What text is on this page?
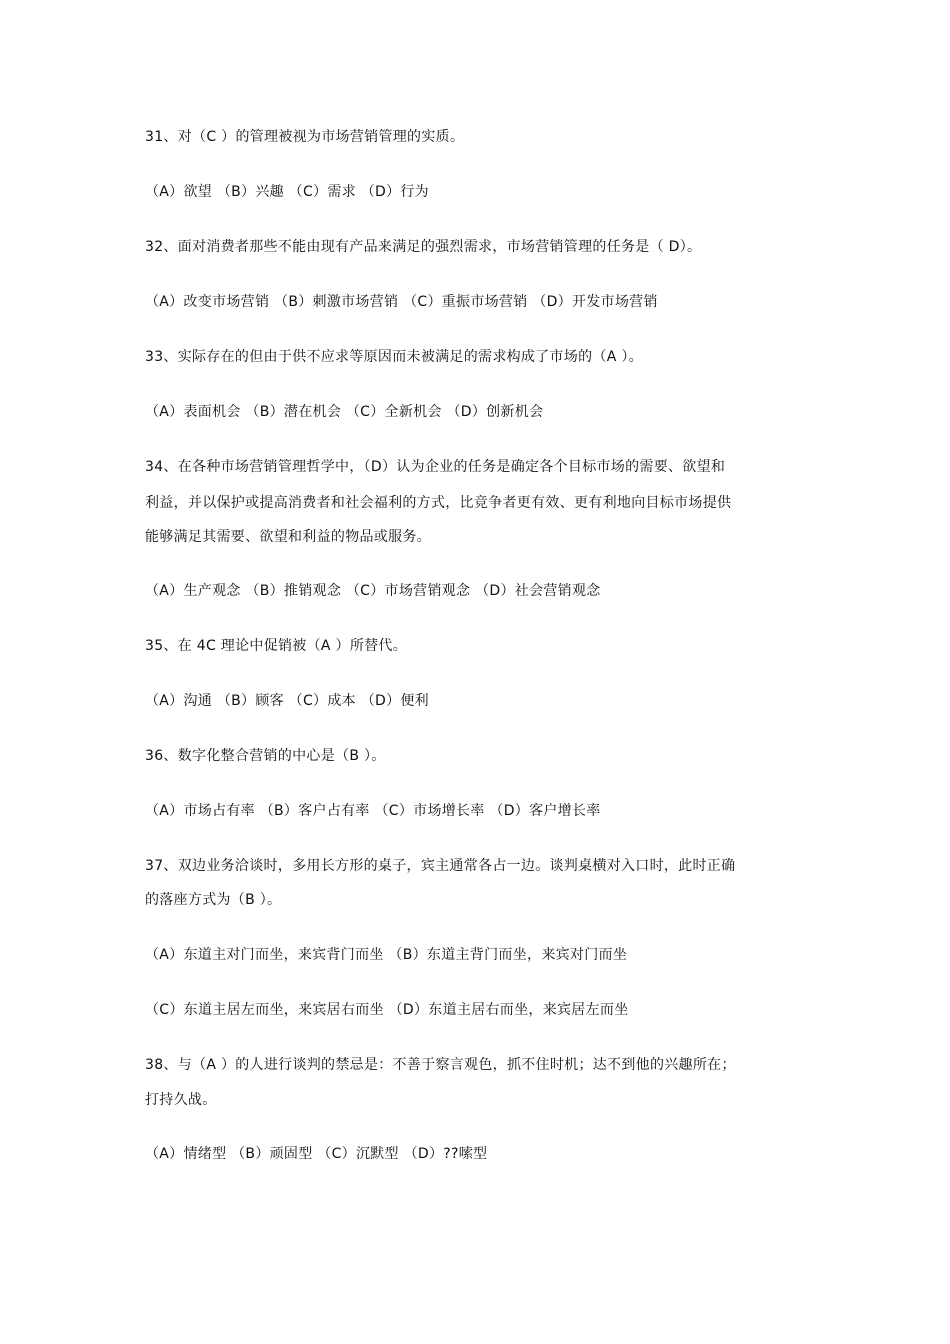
31、对（C ）的管理被视为市场营销管理的实质。
（A）欲望 （B）兴趣 （C）需求 （D）行为
32、面对消费者那些不能由现有产品来满足的强烈需求，市场营销管理的任务是（ D）。
（A）改变市场营销 （B）刺激市场营销 （C）重振市场营销 （D）开发市场营销
33、实际存在的但由于供不应求等原因而未被满足的需求构成了市场的（A ）。
（A）表面机会 （B）潜在机会 （C）全新机会 （D）创新机会
34、在各种市场营销管理哲学中，（D）认为企业的任务是确定各个目标市场的需要、欲望和
利益，并以保护或提高消费者和社会福利的方式，比竞争者更有效、更有利地向目标市场提供
能够满足其需要、欲望和利益的物品或服务。
（A）生产观念 （B）推销观念 （C）市场营销观念 （D）社会营销观念
35、在 4C 理论中促销被（A ）所替代。
（A）沟通 （B）顾客 （C）成本 （D）便利
36、数字化整合营销的中心是（B ）。
（A）市场占有率 （B）客户占有率 （C）市场增长率 （D）客户增长率
37、双边业务洽谈时，多用长方形的桌子，宾主通常各占一边。谈判桌横对入口时，此时正确
的落座方式为（B ）。
（A）东道主对门而坐，来宾背门而坐 （B）东道主背门而坐，来宾对门而坐
（C）东道主居左而坐，来宾居右而坐 （D）东道主居右而坐，来宾居左而坐
38、与（A ）的人进行谈判的禁忌是：不善于察言观色，抓不住时机；达不到他的兴趣所在；
打持久战。
（A）情绪型 （B）顽固型 （C）沉默型 （D）??嗦型
